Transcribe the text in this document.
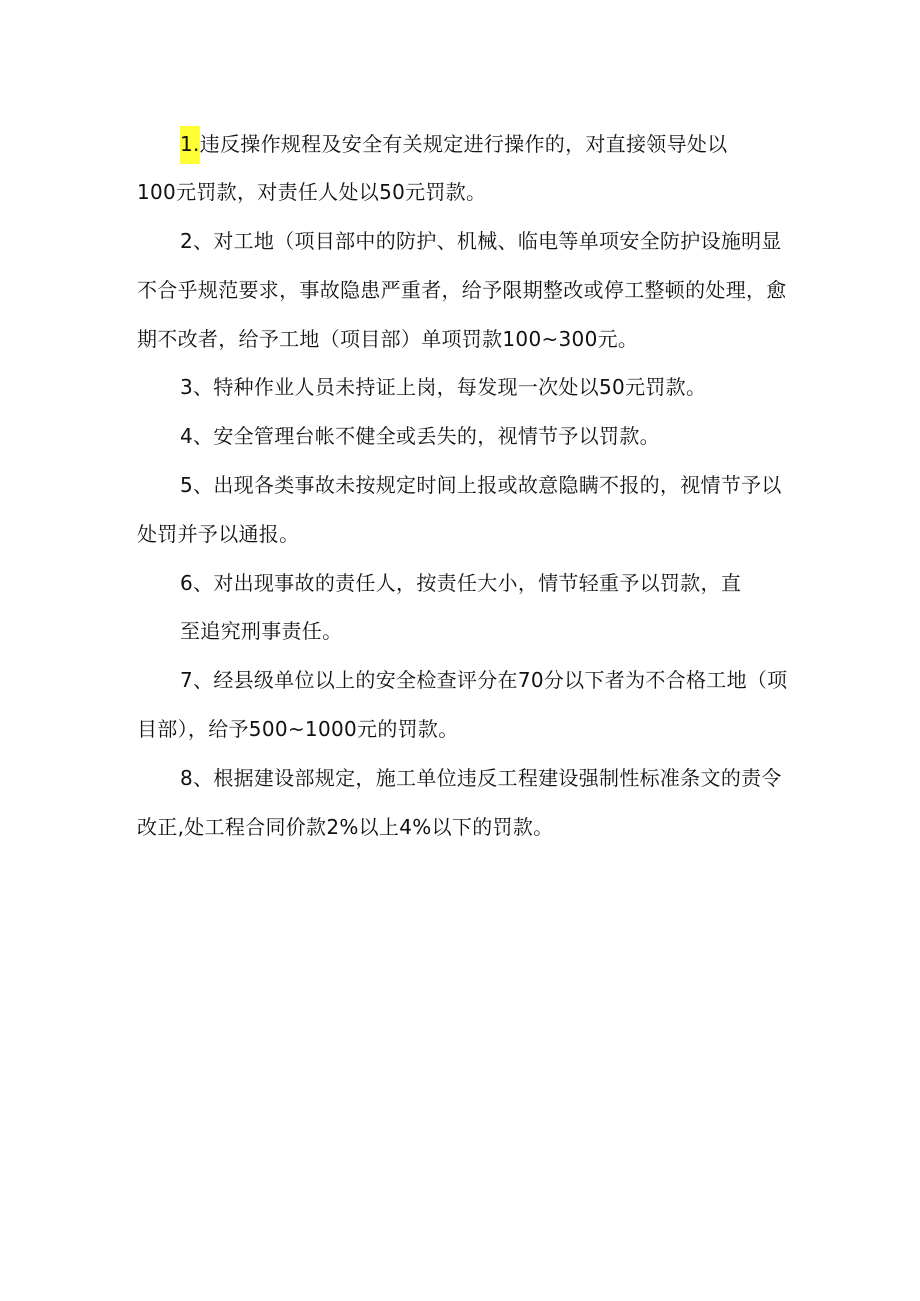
1.违反操作规程及安全有关规定进行操作的，对直接领导处以

100元罚款，对责任人处以50元罚款。

2、对工地（项目部中的防护、机械、临电等单项安全防护设施明显

不合乎规范要求，事故隐患严重者，给予限期整改或停工整顿的处理，愈

期不改者，给予工地（项目部）单项罚款100~300元。

3、特种作业人员未持证上岗，每发现一次处以50元罚款。

4、安全管理台帐不健全或丢失的，视情节予以罚款。

5、出现各类事故未按规定时间上报或故意隐瞒不报的，视情节予以

处罚并予以通报。

6、对出现事故的责任人，按责任大小，情节轻重予以罚款，直

至追究刑事责任。

7、经县级单位以上的安全检查评分在70分以下者为不合格工地（项

目部），给予500~1000元的罚款。

8、根据建设部规定，施工单位违反工程建设强制性标准条文的责令

改正,处工程合同价款2%以上4%以下的罚款。
